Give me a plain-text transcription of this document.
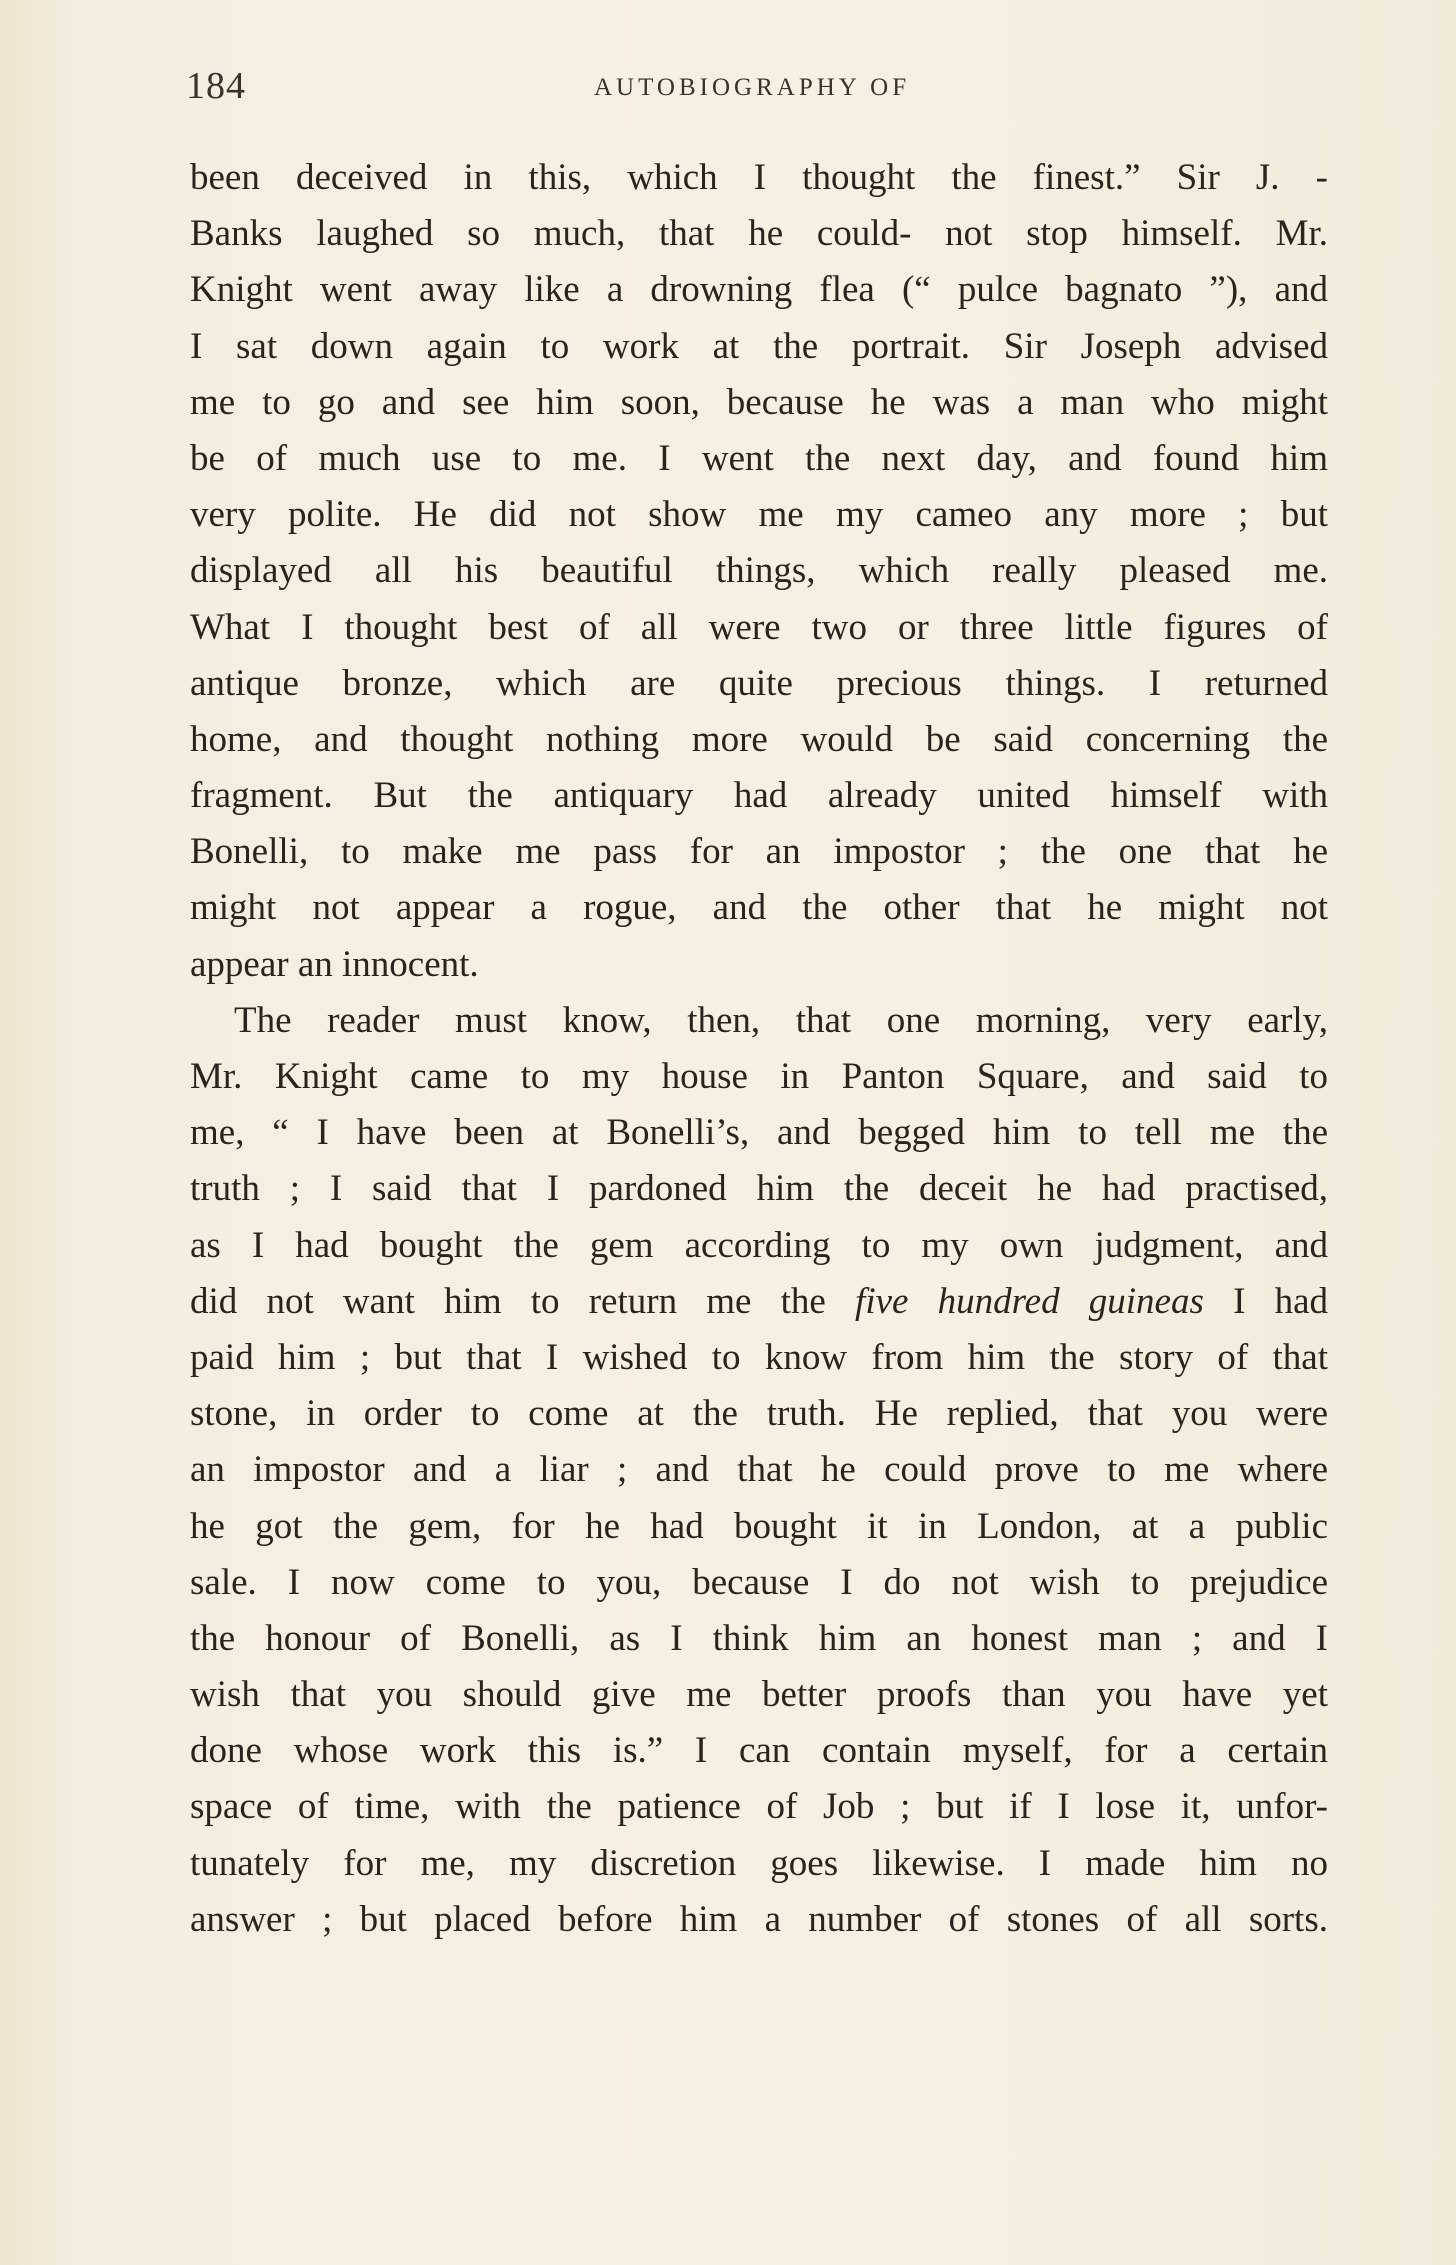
184	AUTOBIOGRAPHY OF
been deceived in this, which I thought the finest.” Sir J. -
Banks laughed so much, that he could- not stop himself. Mr.
Knight went away like a drowning flea (“ pulce bagnato ”), and
I sat down again to work at the portrait. Sir Joseph advised
me to go and see him soon, because he was a man who might
be of much use to me. I went the next day, and found him
very polite. He did not show me my cameo any more ; but
displayed all his beautiful things, which really pleased me.
What I thought best of all were two or three little figures of
antique bronze, which are quite precious things. I returned
home, and thought nothing more would be said concerning the
fragment. But the antiquary had already united himself with
Bonelli, to make me pass for an impostor ; the one that he
might not appear a rogue, and the other that he might not
appear an innocent.
The reader must know, then, that one morning, very early,
Mr. Knight came to my house in Panton Square, and said to
me, “ I have been at Bonelli’s, and begged him to tell me the
truth ; I said that I pardoned him the deceit he had practised,
as I had bought the gem according to my own judgment, and
did not want him to return me the five hundred guineas I had
paid him ; but that I wished to know from him the story of that
stone, in order to come at the truth. He replied, that you were
an impostor and a liar ; and that he could prove to me where
he got the gem, for he had bought it in London, at a public
sale. I now come to you, because I do not wish to prejudice
the honour of Bonelli, as I think him an honest man ; and I
wish that you should give me better proofs than you have yet
done whose work this is.” I can contain myself, for a certain
space of time, with the patience of Job ; but if I lose it, unfor-
tunately for me, my discretion goes likewise. I made him no
answer ; but placed before him a number of stones of all sorts.
